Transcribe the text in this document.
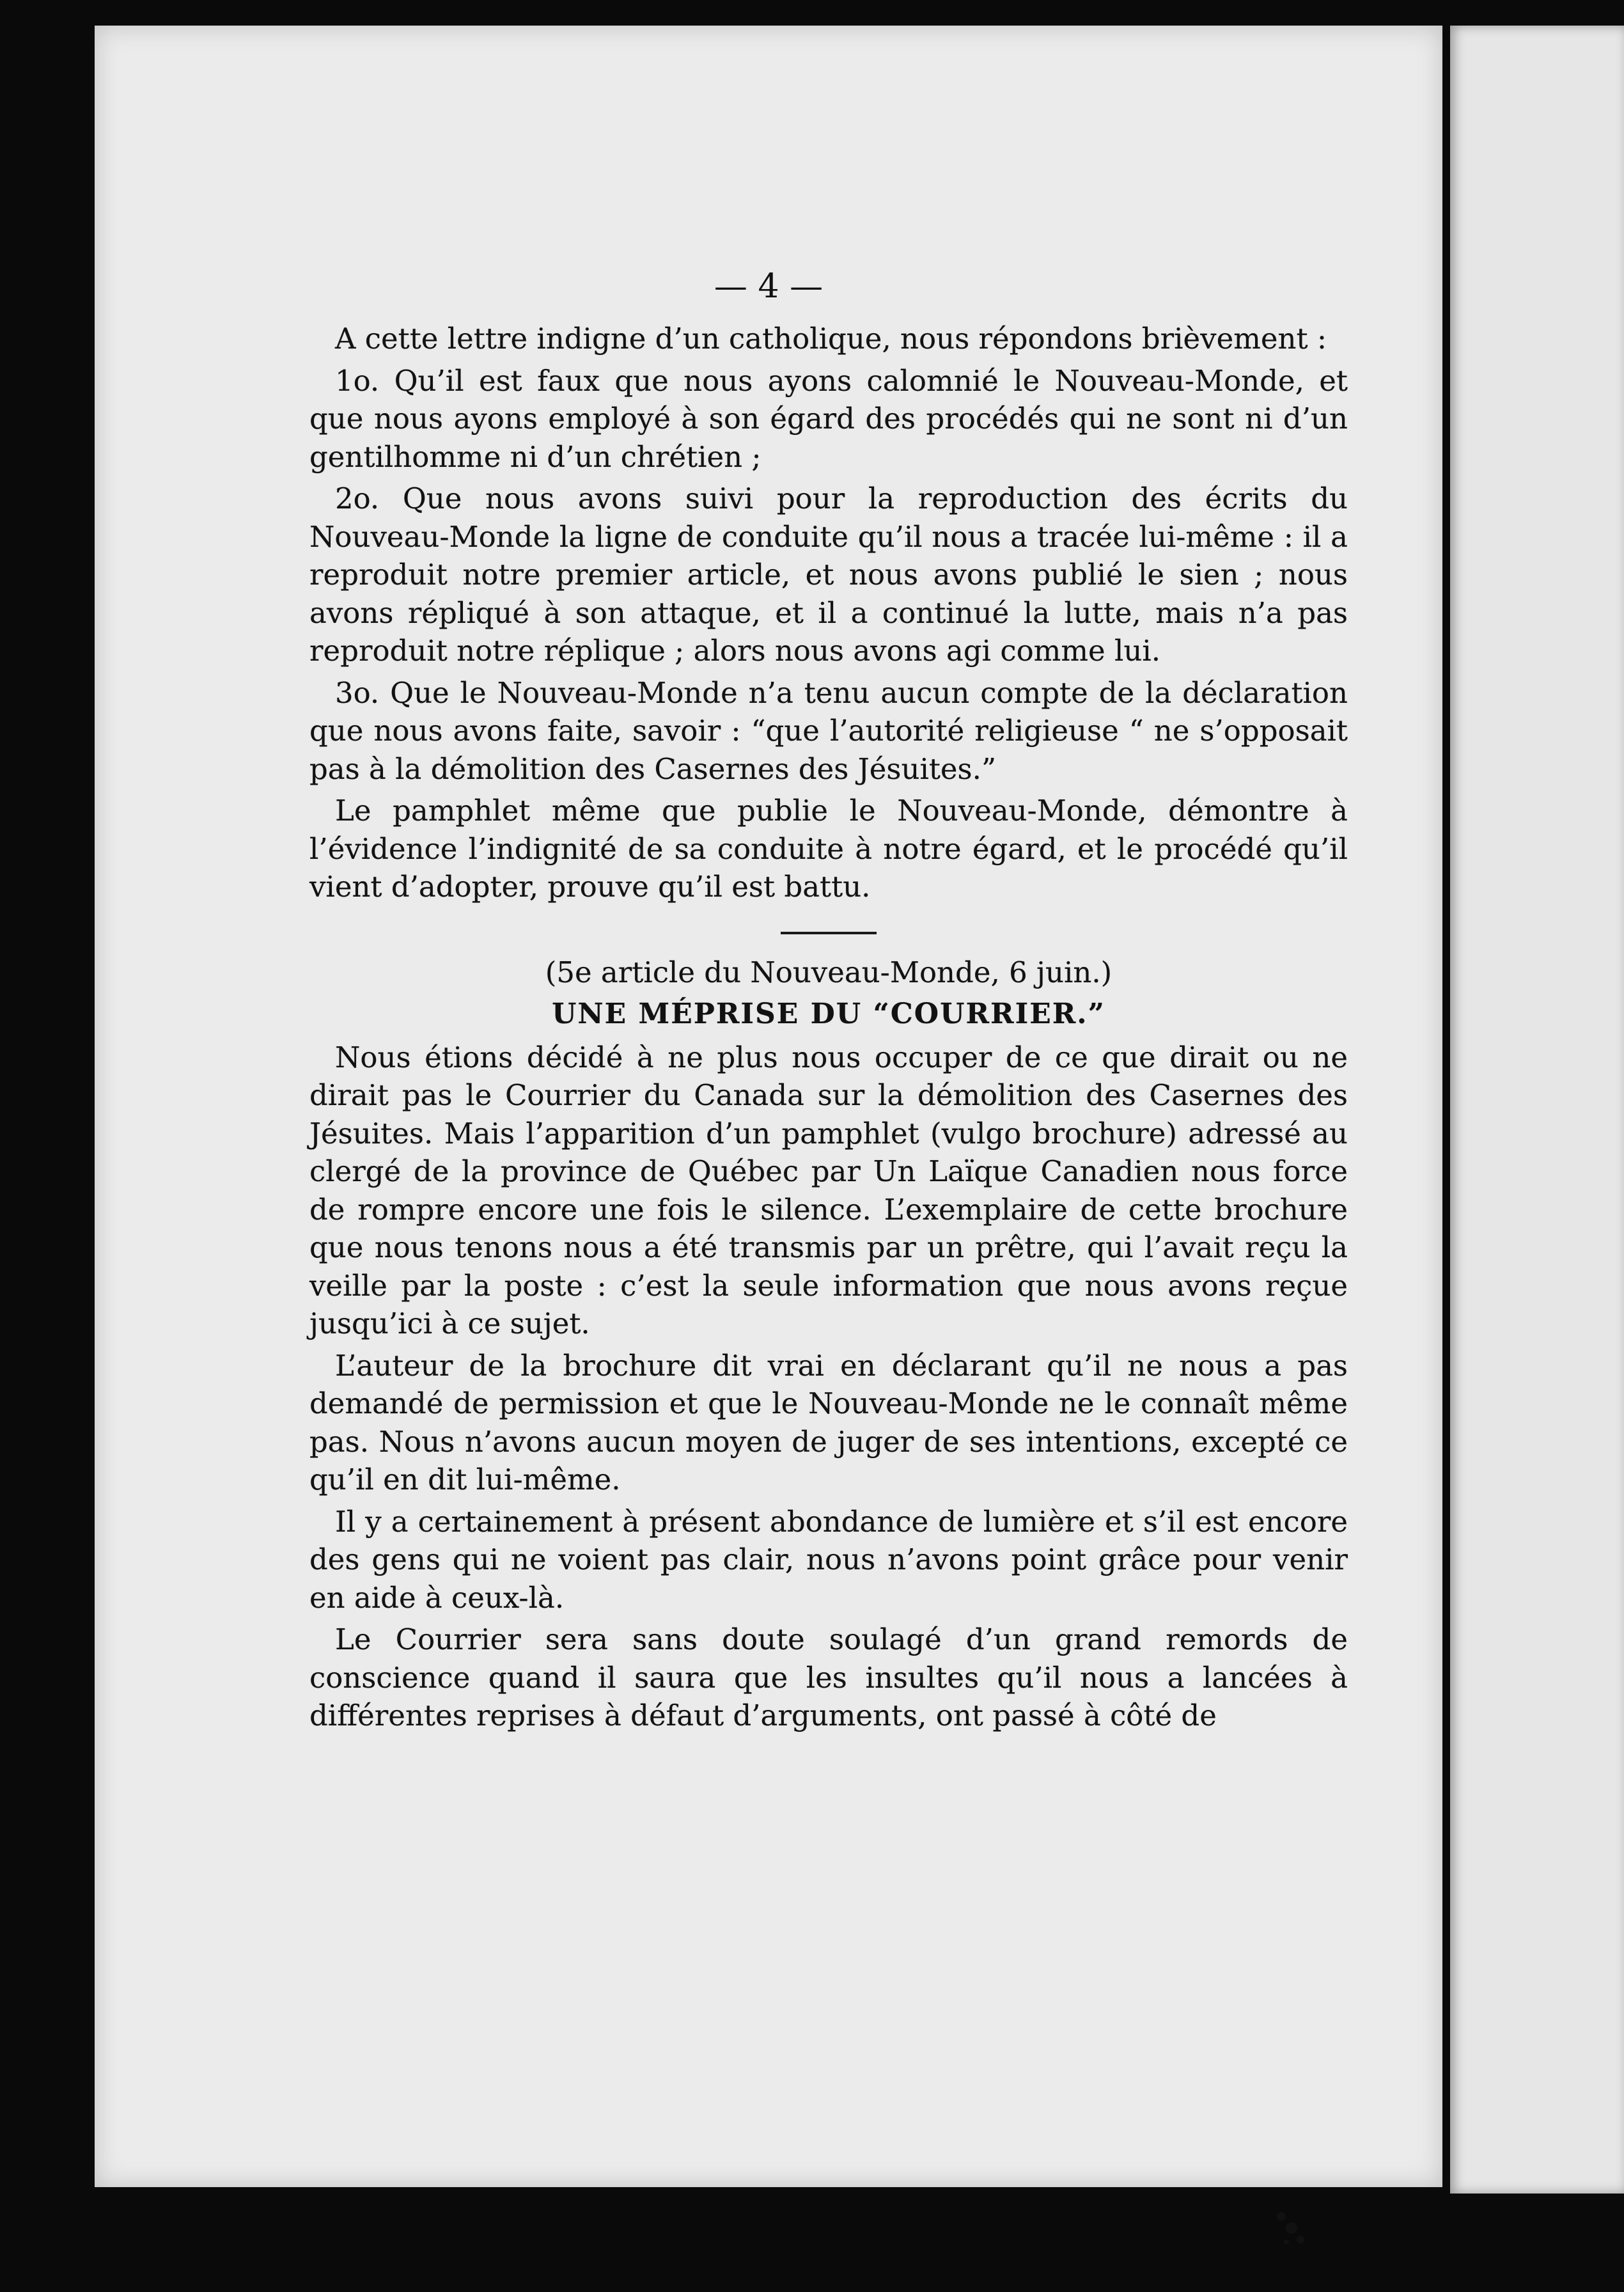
— 4 —

A cette lettre indigne d’un catholique, nous répondons brièvement :

1o. Qu’il est faux que nous ayons calomnié le Nouveau-Monde, et que nous ayons employé à son égard des procédés qui ne sont ni d’un gentilhomme ni d’un chrétien ;

2o. Que nous avons suivi pour la reproduction des écrits du Nouveau-Monde la ligne de conduite qu’il nous a tracée lui-même : il a reproduit notre premier article, et nous avons publié le sien ; nous avons répliqué à son attaque, et il a continué la lutte, mais n’a pas reproduit notre réplique ; alors nous avons agi comme lui.

3o. Que le Nouveau-Monde n’a tenu aucun compte de la déclaration que nous avons faite, savoir : “que l’autorité religieuse “ ne s’opposait pas à la démolition des Casernes des Jésuites.”

Le pamphlet même que publie le Nouveau-Monde, démontre à l’évidence l’indignité de sa conduite à notre égard, et le procédé qu’il vient d’adopter, prouve qu’il est battu.

(5e article du Nouveau-Monde, 6 juin.)

UNE MÉPRISE DU “COURRIER.”

Nous étions décidé à ne plus nous occuper de ce que dirait ou ne dirait pas le Courrier du Canada sur la démolition des Casernes des Jésuites. Mais l’apparition d’un pamphlet (vulgo brochure) adressé au clergé de la province de Québec par Un Laïque Canadien nous force de rompre encore une fois le silence. L’exemplaire de cette brochure que nous tenons nous a été transmis par un prêtre, qui l’avait reçu la veille par la poste : c’est la seule information que nous avons reçue jusqu’ici à ce sujet.

L’auteur de la brochure dit vrai en déclarant qu’il ne nous a pas demandé de permission et que le Nouveau-Monde ne le connaît même pas. Nous n’avons aucun moyen de juger de ses intentions, excepté ce qu’il en dit lui-même.

Il y a certainement à présent abondance de lumière et s’il est encore des gens qui ne voient pas clair, nous n’avons point grâce pour venir en aide à ceux-là.

Le Courrier sera sans doute soulagé d’un grand remords de conscience quand il saura que les insultes qu’il nous a lancées à différentes reprises à défaut d’arguments, ont passé à côté de
